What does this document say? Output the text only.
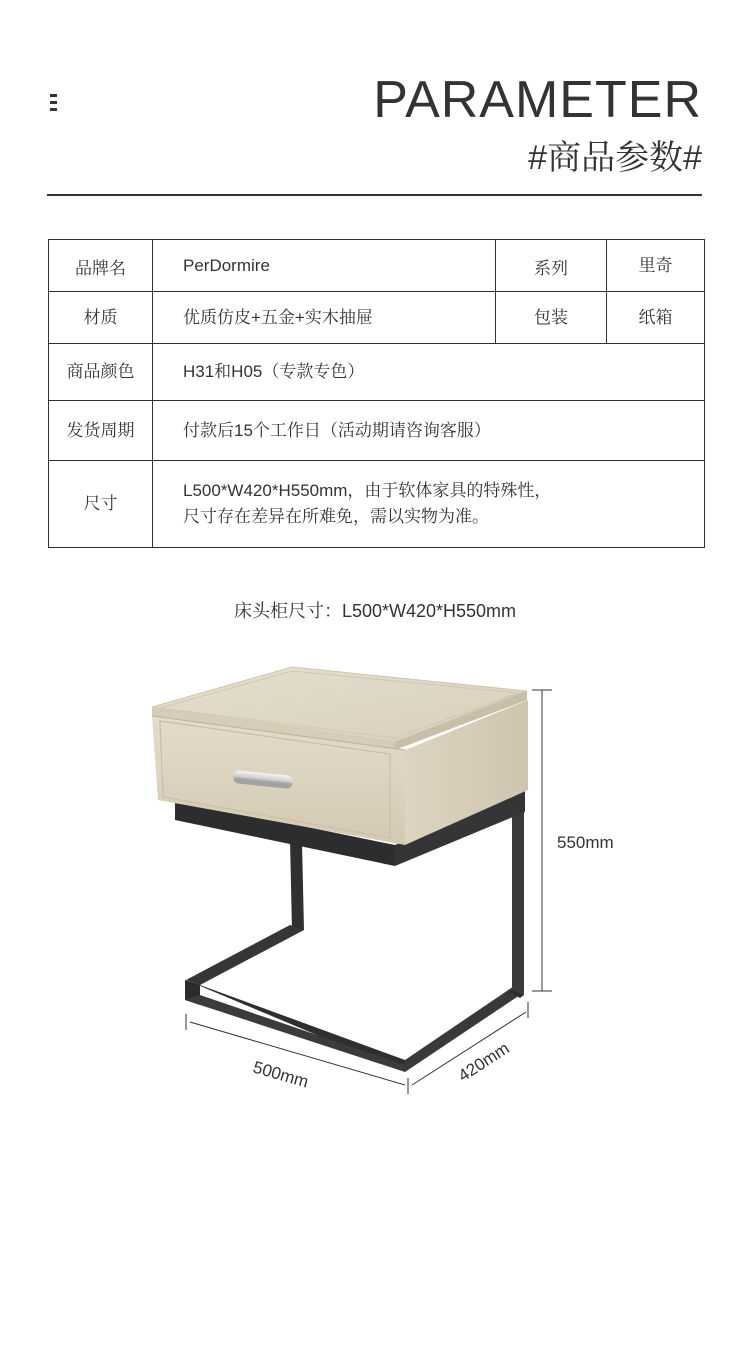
PARAMETER
#商品参数#
品牌名	PerDormire	系列	里奇
材质	优质仿皮+五金+实木抽屉	包装	纸箱
商品颜色	H31和H05（专款专色）		
发货周期	付款后15个工作日（活动期请咨询客服）		
尺寸	L500*W420*H550mm，由于软体家具的特殊性，
尺寸存在差异在所难免，需以实物为准。		
床头柜尺寸：L500*W420*H550mm
550mm
500mm	420mm
